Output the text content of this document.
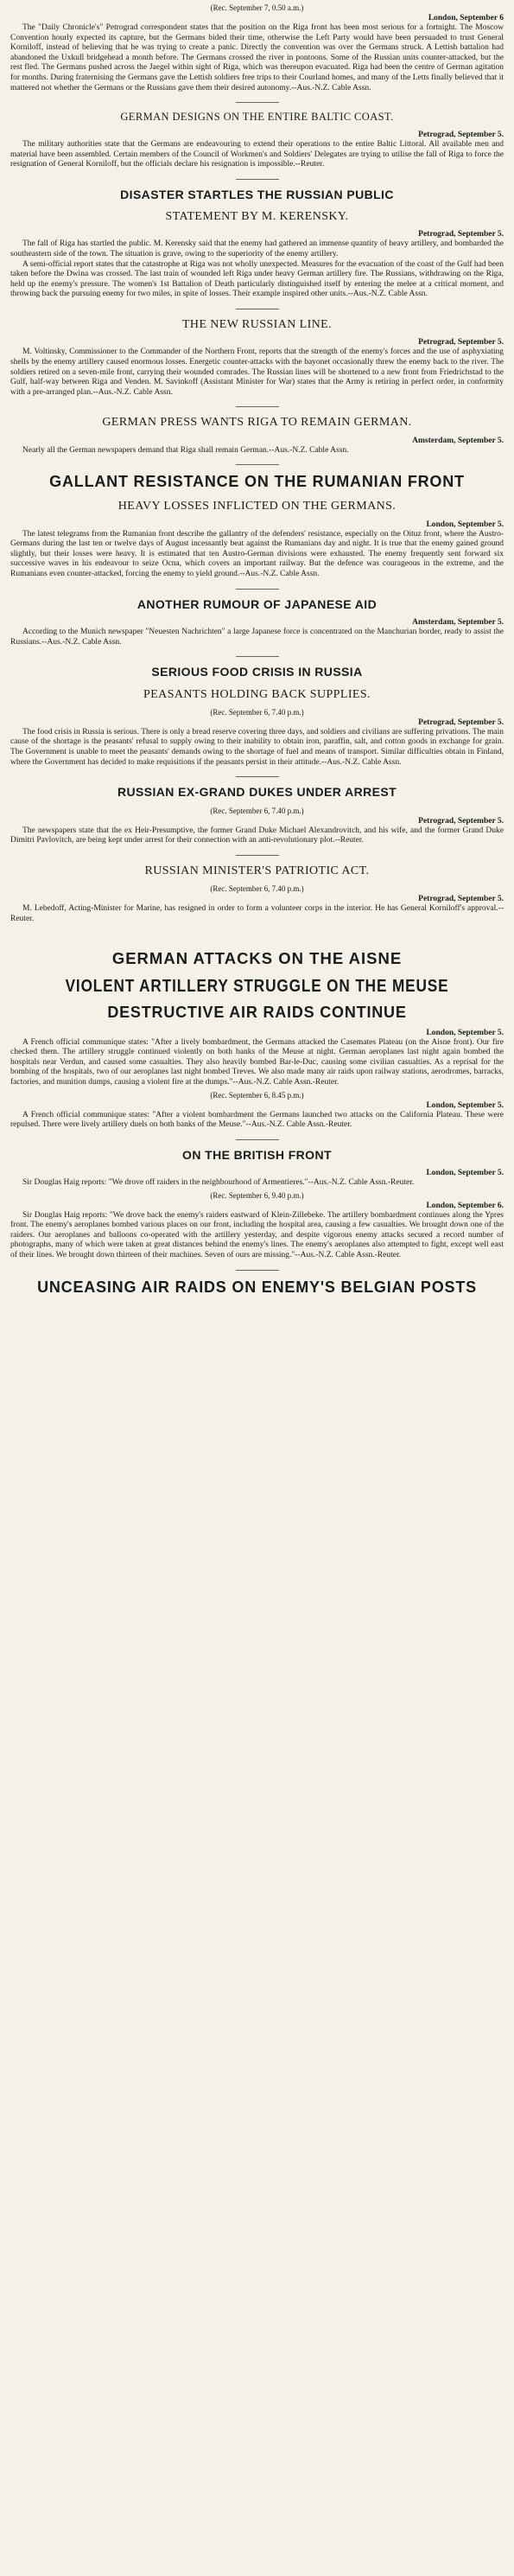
(Rec. September 7, 0.50 a.m.)
London, September 6

The "Daily Chronicle's" Petrograd correspondent states that the position on the Riga front has been most serious for a fortnight. The Moscow Convention hourly expected its capture, but the Germans bided their time, otherwise the Left Party would have been persuaded to trust General Korniloff, instead of believing that he was trying to create a panic. Directly the convention was over the Germans struck. A Lettish battalion had abandoned the Uxkull bridgehead a month before. The Germans crossed the river in pontoons. Some of the Russian units counter-attacked, but the rest fled. The Germans pushed across the Jaegel within sight of Riga, which was thereupon evacuated. Riga had been the centre of German agitation for months. During fraternising the Germans gave the Lettish soldiers free trips to their Courland homes, and many of the Letts finally believed that it mattered not whether the Germans or the Russians gave them their desired autonomy.--Aus.-N.Z. Cable Assn.

GERMAN DESIGNS ON THE ENTIRE BALTIC COAST.
Petrograd, September 5.

The military authorities state that the Germans are endeavouring to extend their operations to the entire Baltic Littoral. All available men and material have been assembled. Certain members of the Council of Workmen's and Soldiers' Delegates are trying to utilise the fall of Riga to force the resignation of General Korniloff, but the officials declare his resignation is impossible.--Reuter.

DISASTER STARTLES THE RUSSIAN PUBLIC
STATEMENT BY M. KERENSKY.
Petrograd, September 5.

The fall of Riga has startled the public. M. Kerensky said that the enemy had gathered an immense quantity of heavy artillery, and bombarded the southeastern side of the town. The situation is grave, owing to the superiority of the enemy artillery.

A semi-official report states that the catastrophe at Riga was not wholly unexpected. Measures for the evacuation of the coast of the Gulf had been taken before the Dwina was crossed. The last train of wounded left Riga under heavy German artillery fire. The Russians, withdrawing on the Riga, held up the enemy's pressure. The women's 1st Battalion of Death particularly distinguished itself by entering the melee at a critical moment, and throwing back the pursuing enemy for two miles, in spite of losses. Their example inspired other units.--Aus.-N.Z. Cable Assn.

THE NEW RUSSIAN LINE.
Petrograd, September 5.

M. Voltinsky, Commissioner to the Commander of the Northern Front, reports that the strength of the enemy's forces and the use of asphyxiating shells by the enemy artillery caused enormous losses. Energetic counter-attacks with the bayonet occasionally threw the enemy back to the river. The soldiers retired on a seven-mile front, carrying their wounded comrades. The Russian lines will be shortened to a new front from Friedrichstad to the Gulf, half-way between Riga and Venden. M. Savinkoff (Assistant Minister for War) states that the Army is retiring in perfect order, in conformity with a pre-arranged plan.--Aus.-N.Z. Cable Assn.

GERMAN PRESS WANTS RIGA TO REMAIN GERMAN.
Amsterdam, September 5.

Nearly all the German newspapers demand that Riga shall remain German.--Aus.-N.Z. Cable Assn.

GALLANT RESISTANCE ON THE RUMANIAN FRONT
HEAVY LOSSES INFLICTED ON THE GERMANS.
London, September 5.

The latest telegrams from the Rumanian front describe the gallantry of the defenders' resistance, especially on the Oituz front, where the Austro-Germans during the last ten or twelve days of August incessantly beat against the Rumanians day and night. It is true that the enemy gained ground slightly, but their losses were heavy. It is estimated that ten Austro-German divisions were exhausted. The enemy frequently sent forward six successive waves in his endeavour to seize Ocna, which covers an important railway. But the defence was courageous in the extreme, and the Rumanians even counter-attacked, forcing the enemy to yield ground.--Aus.-N.Z. Cable Assn.

ANOTHER RUMOUR OF JAPANESE AID
Amsterdam, September 5.

According to the Munich newspaper "Neuesten Nachrichten" a large Japanese force is concentrated on the Manchurian border, ready to assist the Russians.--Aus.-N.Z. Cable Assn.

SERIOUS FOOD CRISIS IN RUSSIA
PEASANTS HOLDING BACK SUPPLIES.
(Rec. September 6, 7.40 p.m.)
Petrograd, September 5.

The food crisis in Russia is serious. There is only a bread reserve covering three days, and soldiers and civilians are suffering privations. The main cause of the shortage is the peasants' refusal to supply owing to their inability to obtain iron, paraffin, salt, and cotton goods in exchange for grain. The Government is unable to meet the peasants' demands owing to the shortage of fuel and means of transport. Similar difficulties obtain in Finland, where the Government has decided to make requisitions if the peasants persist in their attitude.--Aus.-N.Z. Cable Assn.

RUSSIAN EX-GRAND DUKES UNDER ARREST
(Rec. September 6, 7.40 p.m.)
Petrograd, September 5.

The newspapers state that the ex Heir-Presumptive, the former Grand Duke Michael Alexandrovitch, and his wife, and the former Grand Duke Dimitri Pavlovitch, are being kept under arrest for their connection with an anti-revolutionary plot.--Reuter.

RUSSIAN MINISTER'S PATRIOTIC ACT.
(Rec. September 6, 7.40 p.m.)
Petrograd, September 5.

M. Lebedoff, Acting-Minister for Marine, has resigned in order to form a volunteer corps in the interior. He has General Korniloff's approval.--Reuter.

GERMAN ATTACKS ON THE AISNE
VIOLENT ARTILLERY STRUGGLE ON THE MEUSE
DESTRUCTIVE AIR RAIDS CONTINUE
London, September 5.

A French official communique states: "After a lively bombardment, the Germans attacked the Casemates Plateau (on the Aisne front). Our fire checked them. The artillery struggle continued violently on both banks of the Meuse at night. German aeroplanes last night again bombed the hospitals near Verdun, and caused some casualties. They also heavily bombed Bar-le-Duc, causing some civilian casualties. As a reprisal for the bombing of the hospitals, two of our aeroplanes last night bombed Treves. We also made many air raids upon railway stations, aerodromes, barracks, factories, and munition dumps, causing a violent fire at the dumps."--Aus.-N.Z. Cable Assn.-Reuter.

(Rec. September 6, 8.45 p.m.)
London, September 5.

A French official communique states: "After a violent bombardment the Germans launched two attacks on the California Plateau. These were repulsed. There were lively artillery duels on both banks of the Meuse."--Aus.-N.Z. Cable Assn.-Reuter.

ON THE BRITISH FRONT
London, September 5.

Sir Douglas Haig reports: "We drove off raiders in the neighbourhood of Armentieres."--Aus.-N.Z. Cable Assn.-Reuter.

(Rec. September 6, 9.40 p.m.)
London, September 6.

Sir Douglas Haig reports: "We drove back the enemy's raiders eastward of Klein-Zillebeke. The artillery bombardment continues along the Ypres front. The enemy's aeroplanes bombed various places on our front, including the hospital area, causing a few casualties. We brought down one of the raiders. Our aeroplanes and balloons co-operated with the artillery yesterday, and despite vigorous enemy attacks secured a record number of photographs, many of which were taken at great distances behind the enemy's lines. The enemy's aeroplanes also attempted to fight, except well east of their lines. We brought down thirteen of their machines. Seven of ours are missing."--Aus.-N.Z. Cable Assn.-Reuter.

UNCEASING AIR RAIDS ON ENEMY'S BELGIAN POSTS
